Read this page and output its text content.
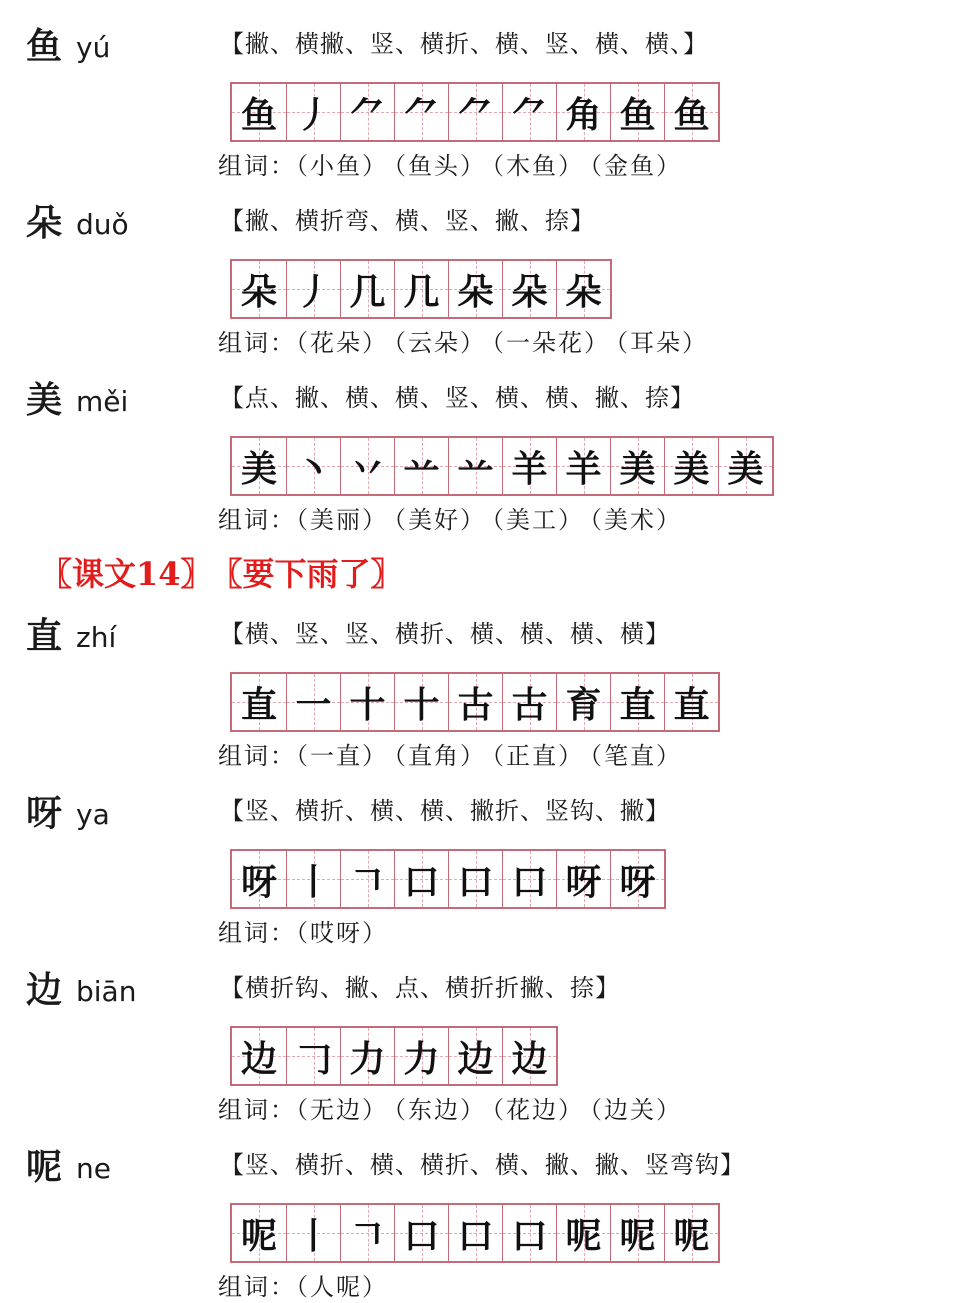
鱼 yú	【撇、横撇、竖、横折、横、竖、横、横、】
鱼 丿 ⺈ ⺈ ⺈ ⺈ 角 鱼 鱼
组词：（小鱼） （鱼头） （木鱼） （金鱼）
朵 duǒ	【撇、横折弯、横、竖、撇、捺】
朵 丿 几 几 朵 朵 朵
组词：（花朵） （云朵） （一朵花） （耳朵）
美 měi	【点、撇、横、横、竖、横、横、撇、捺】
美 丶 丷 䒑 䒑 羊 羊 美 美 美
组词：（美丽） （美好） （美工） （美术）
〖课文14〗 〖要下雨了〗
直 zhí	【横、竖、竖、横折、横、横、横、横】
直 一 十 十 古 古 育 直 直
组词：（一直） （直角） （正直） （笔直）
呀 ya	【竖、横折、横、横、撇折、竖钩、撇】
呀 丨 𠃍 口 口 口 呀 呀
组词：（哎呀）
边 biān	【横折钩、撇、点、横折折撇、捺】
边 𠃌 力 力 边 边
组词：（无边） （东边） （花边） （边关）
呢 ne	【竖、横折、横、横折、横、撇、撇、竖弯钩】
呢 丨 𠃍 口 口 口 呢 呢 呢
组词：（人呢）
